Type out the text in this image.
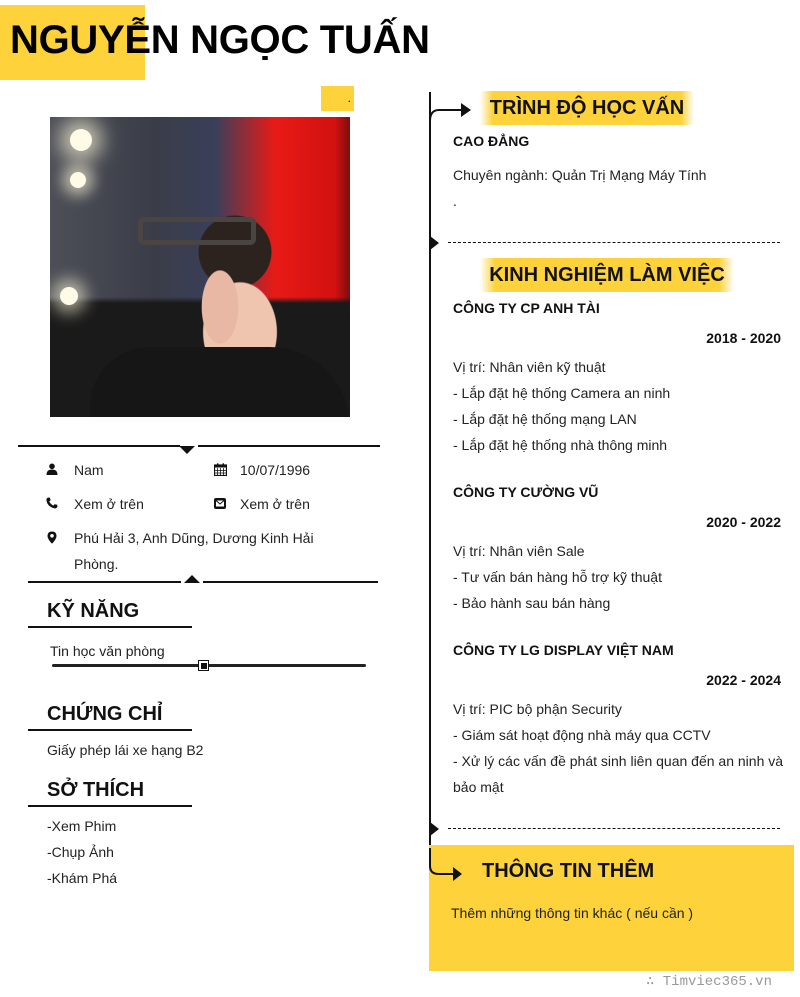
NGUYỄN NGỌC TUẤN
.
Nam	10/07/1996
Xem ở trên	Xem ở trên
Phú Hải 3, Anh Dũng, Dương Kinh Hải
Phòng.
KỸ NĂNG
Tin học văn phòng
CHỨNG CHỈ
Giấy phép lái xe hạng B2
SỞ THÍCH
-Xem Phim
-Chụp Ảnh
-Khám Phá
TRÌNH ĐỘ HỌC VẤN
CAO ĐẲNG
Chuyên ngành: Quản Trị Mạng Máy Tính
.
KINH NGHIỆM LÀM VIỆC
CÔNG TY CP ANH TÀI
2018 - 2020
Vị trí: Nhân viên kỹ thuật
- Lắp đặt hệ thống Camera an ninh
- Lắp đặt hệ thống mạng LAN
- Lắp đặt hệ thống nhà thông minh
CÔNG TY CƯỜNG VŨ
2020 - 2022
Vị trí: Nhân viên Sale
- Tư vấn bán hàng hỗ trợ kỹ thuật
- Bảo hành sau bán hàng
CÔNG TY LG DISPLAY VIỆT NAM
2022 - 2024
Vị trí: PIC bộ phận Security
- Giám sát hoạt động nhà máy qua CCTV
- Xử lý các vấn đề phát sinh liên quan đến an ninh và
bảo mật
THÔNG TIN THÊM
Thêm những thông tin khác ( nếu cần )
∴ Timviec365.vn
